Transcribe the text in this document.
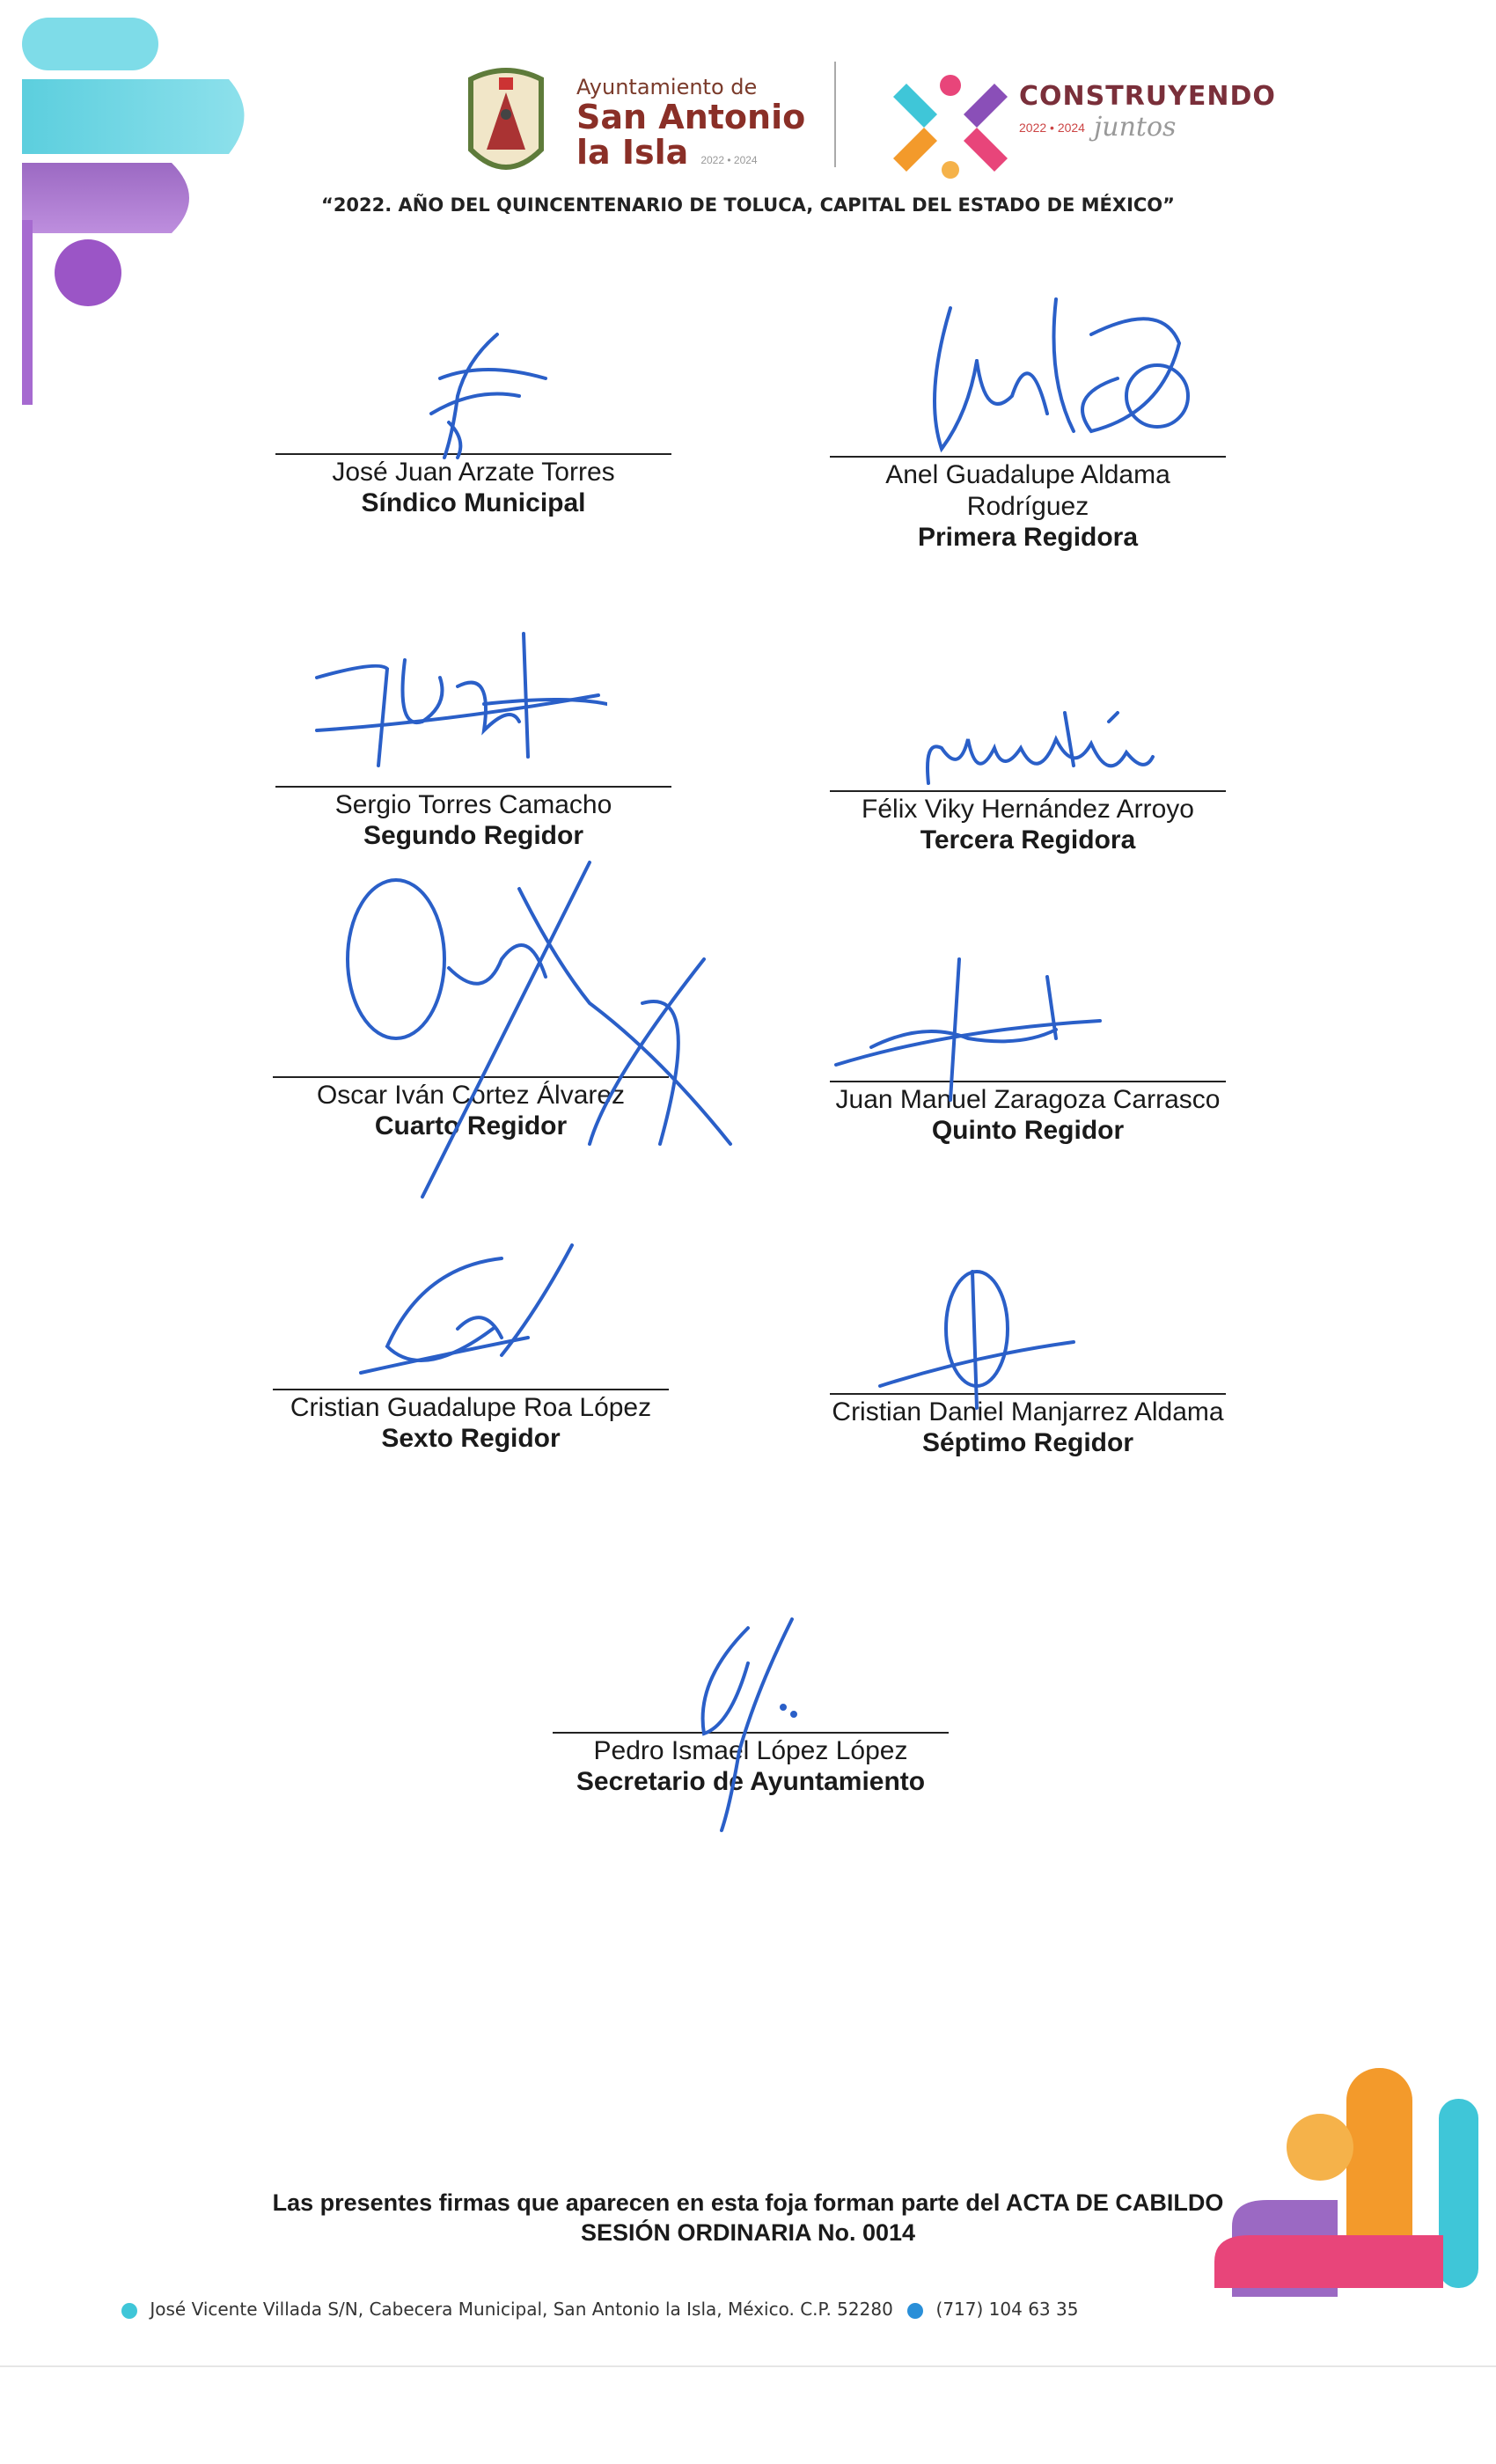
Ayuntamiento de
San Antonio
la Isla 2022 • 2024
CONSTRUYENDO
2022 • 2024 juntos
“2022. AÑO DEL QUINCENTENARIO DE TOLUCA, CAPITAL DEL ESTADO DE MÉXICO”
José Juan Arzate Torres
Síndico Municipal
Anel Guadalupe Aldama Rodríguez
Primera Regidora
Sergio Torres Camacho
Segundo Regidor
Félix Viky Hernández Arroyo
Tercera Regidora
Oscar Iván Cortez Álvarez
Cuarto Regidor
Juan Manuel Zaragoza Carrasco
Quinto Regidor
Cristian Guadalupe Roa López
Sexto Regidor
Cristian Daniel Manjarrez Aldama
Séptimo Regidor
Pedro Ismael López López
Secretario de Ayuntamiento
Las presentes firmas que aparecen en esta foja forman parte del ACTA DE CABILDO
SESIÓN ORDINARIA No. 0014
José Vicente Villada S/N, Cabecera Municipal, San Antonio la Isla, México. C.P. 52280 (717) 104 63 35
